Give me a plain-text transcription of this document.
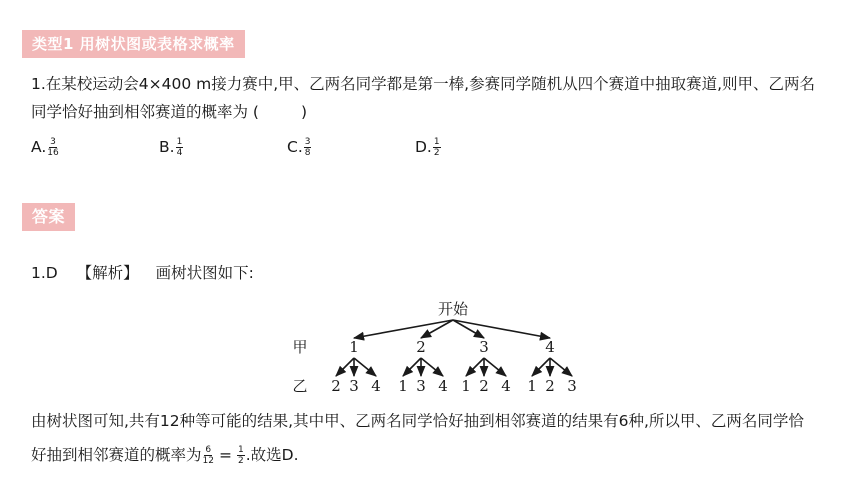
类型1 用树状图或表格求概率
1.在某校运动会4×400 m接力赛中,甲、乙两名同学都是第一棒,参赛同学随机从四个赛道中抽取赛道,则甲、乙两名
同学恰好抽到相邻赛道的概率为 (	)
A. $\frac{3}{16}$	B. $\frac{1}{4}$	C. $\frac{3}{8}$	D. $\frac{1}{2}$
答案
1.D 【解析】 画树状图如下:
开始
甲
乙
1
2 3 4
2
1 3 4
3
1 2 4
4
1 2 3
由树状图可知,共有12种等可能的结果,其中甲、乙两名同学恰好抽到相邻赛道的结果有6种,所以甲、乙两名同学恰
好抽到相邻赛道的概率为 $\frac{6}{12} = \frac{1}{2}$ .故选D.
